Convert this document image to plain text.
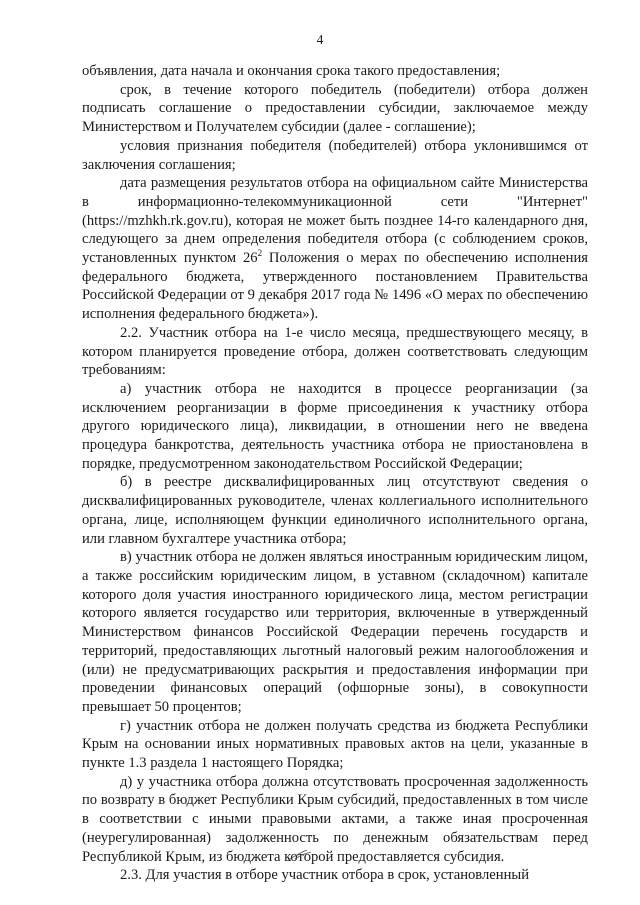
4

объявления, дата начала и окончания срока такого предоставления;

срок, в течение которого победитель (победители) отбора должен подписать соглашение о предоставлении субсидии, заключаемое между Министерством и Получателем субсидии (далее - соглашение);

условия признания победителя (победителей) отбора уклонившимся от заключения соглашения;

дата размещения результатов отбора на официальном сайте Министерства в информационно-телекоммуникационной сети "Интернет" (https://mzhkh.rk.gov.ru), которая не может быть позднее 14-го календарного дня, следующего за днем определения победителя отбора (с соблюдением сроков, установленных пунктом $26^2$ Положения о мерах по обеспечению исполнения федерального бюджета, утвержденного постановлением Правительства Российской Федерации от 9 декабря 2017 года № 1496 «О мерах по обеспечению исполнения федерального бюджета»).

2.2. Участник отбора на 1-е число месяца, предшествующего месяцу, в котором планируется проведение отбора, должен соответствовать следующим требованиям:

а) участник отбора не находится в процессе реорганизации (за исключением реорганизации в форме присоединения к участнику отбора другого юридического лица), ликвидации, в отношении него не введена процедура банкротства, деятельность участника отбора не приостановлена в порядке, предусмотренном законодательством Российской Федерации;

б) в реестре дисквалифицированных лиц отсутствуют сведения о дисквалифицированных руководителе, членах коллегиального исполнительного органа, лице, исполняющем функции единоличного исполнительного органа, или главном бухгалтере участника отбора;

в) участник отбора не должен являться иностранным юридическим лицом, а также российским юридическим лицом, в уставном (складочном) капитале которого доля участия иностранного юридического лица, местом регистрации которого является государство или территория, включенные в утвержденный Министерством финансов Российской Федерации перечень государств и территорий, предоставляющих льготный налоговый режим налогообложения и (или) не предусматривающих раскрытия и предоставления информации при проведении финансовых операций (офшорные зоны), в совокупности превышает 50 процентов;

г) участник отбора не должен получать средства из бюджета Республики Крым на основании иных нормативных правовых актов на цели, указанные в пункте 1.3 раздела 1 настоящего Порядка;

д) у участника отбора должна отсутствовать просроченная задолженность по возврату в бюджет Республики Крым субсидий, предоставленных в том числе в соответствии с иными правовыми актами, а также иная просроченная (неурегулированная) задолженность по денежным обязательствам перед Республикой Крым, из бюджета которой предоставляется субсидия.

2.3. Для участия в отборе участник отбора в срок, установленный
